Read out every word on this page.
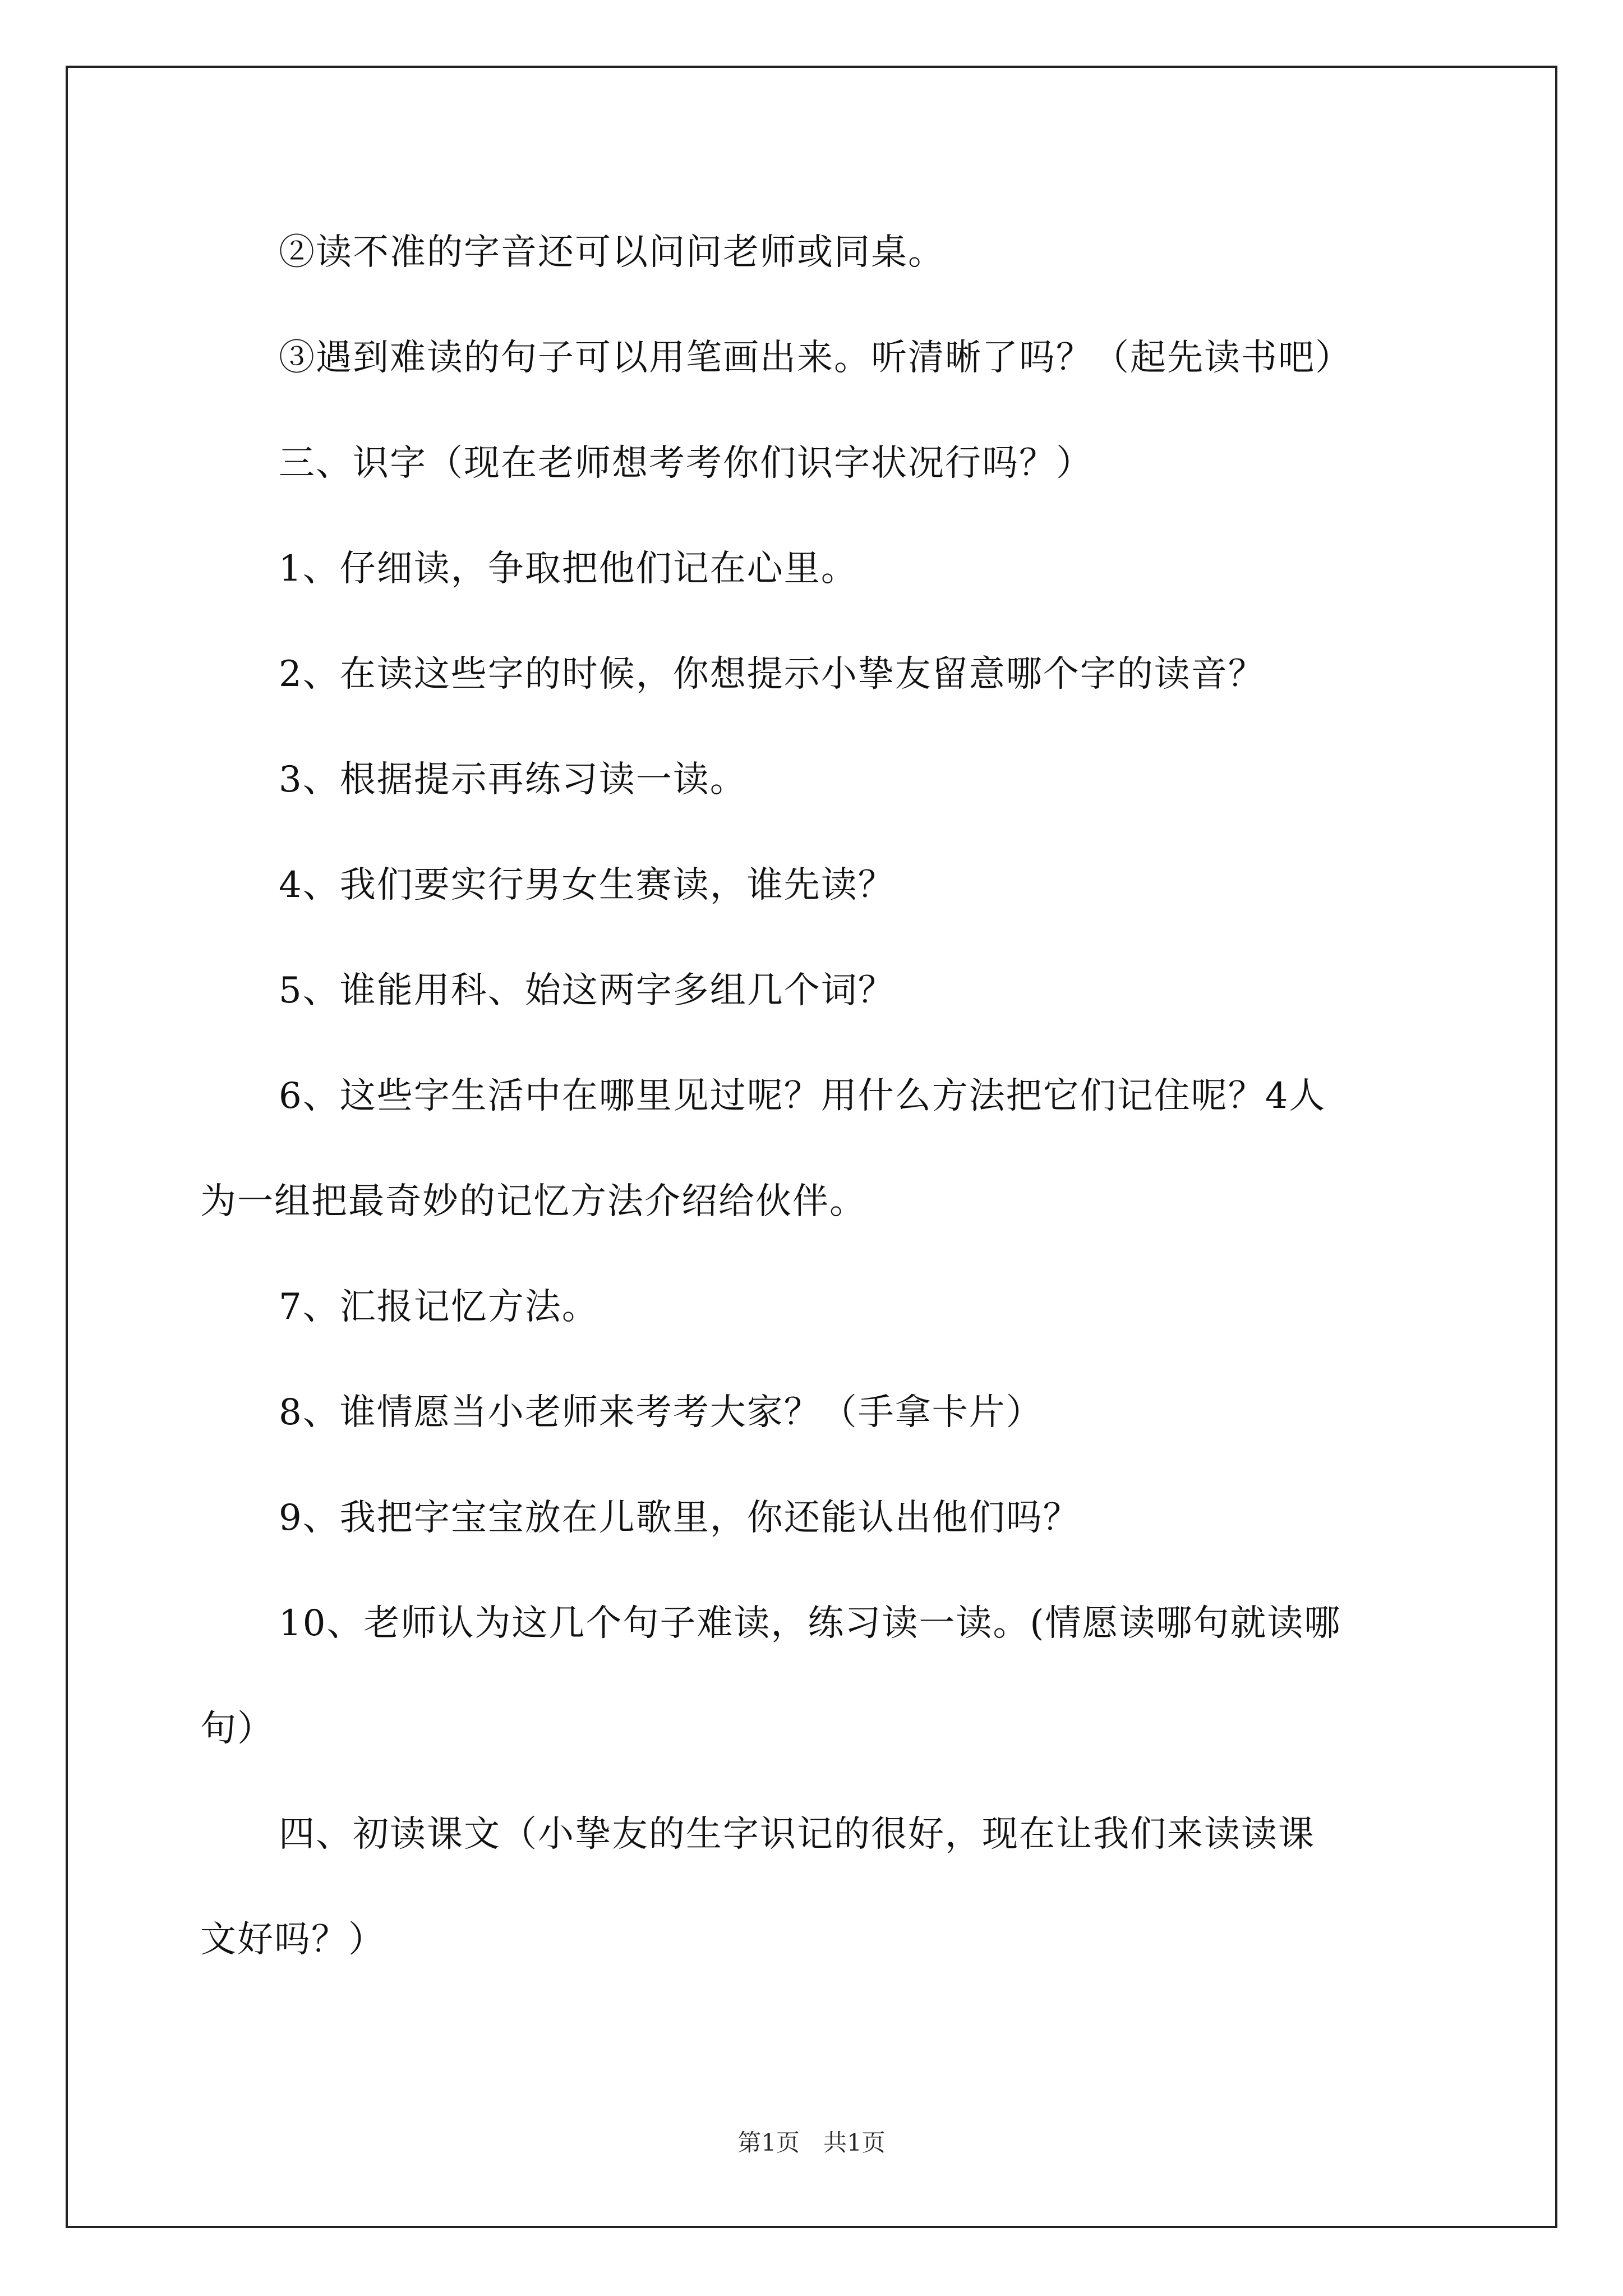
②读不准的字音还可以问问老师或同桌。
③遇到难读的句子可以用笔画出来。听清晰了吗？（起先读书吧）
三、识字（现在老师想考考你们识字状况行吗？）
1、仔细读，争取把他们记在心里。
2、在读这些字的时候，你想提示小挚友留意哪个字的读音？
3、根据提示再练习读一读。
4、我们要实行男女生赛读，谁先读？
5、谁能用科、始这两字多组几个词？
6、这些字生活中在哪里见过呢？用什么方法把它们记住呢？4人
为一组把最奇妙的记忆方法介绍给伙伴。
7、汇报记忆方法。
8、谁情愿当小老师来考考大家？（手拿卡片）
9、我把字宝宝放在儿歌里，你还能认出他们吗？
10、老师认为这几个句子难读，练习读一读。(情愿读哪句就读哪
句）
四、初读课文（小挚友的生字识记的很好，现在让我们来读读课
文好吗？）
第1页　共1页
